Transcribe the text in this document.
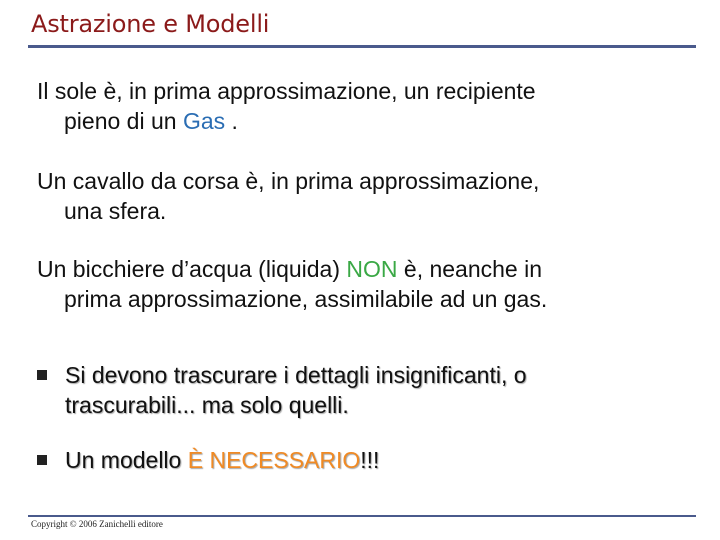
Astrazione e Modelli
Il sole è, in prima approssimazione, un recipiente
pieno di un Gas .
Un cavallo da corsa è, in prima approssimazione,
una sfera.
Un bicchiere d’acqua (liquida) NON è, neanche in
prima approssimazione, assimilabile ad un gas.
Si devono trascurare i dettagli insignificanti, o
trascurabili... ma solo quelli.
Un modello È NECESSARIO!!!
Copyright © 2006 Zanichelli editore
